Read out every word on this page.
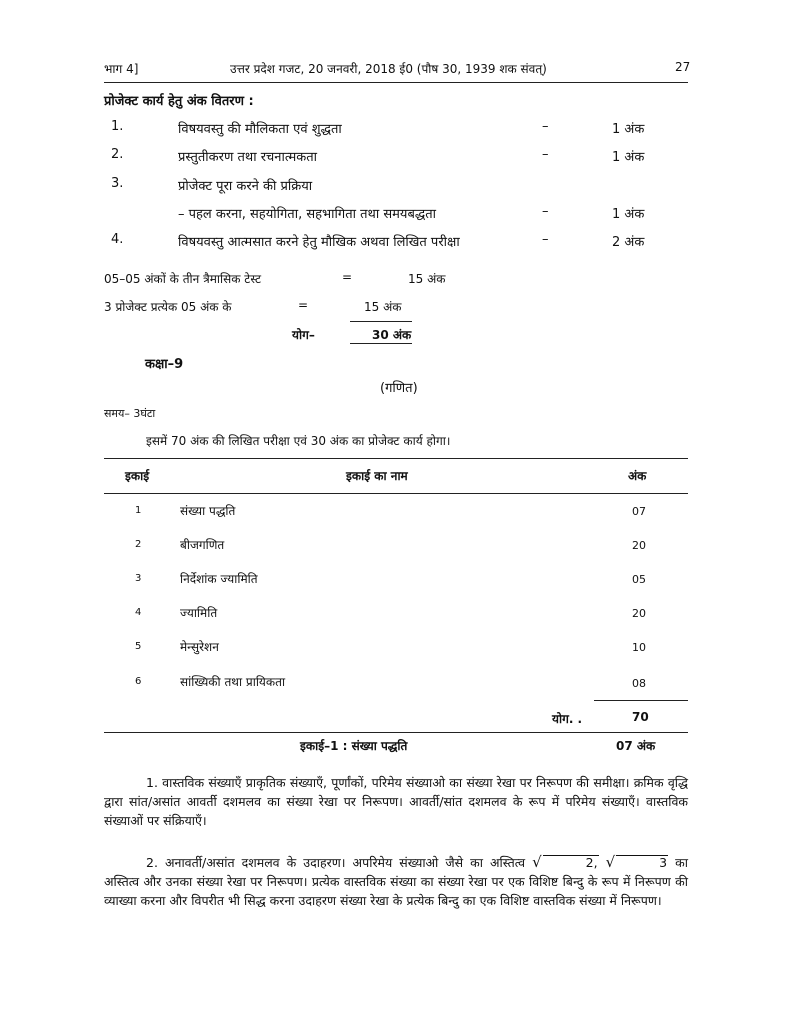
भाग 4]	उत्तर प्रदेश गजट, 20 जनवरी, 2018 ई0 (पौष 30, 1939 शक संवत्)	27
प्रोजेक्ट कार्य हेतु अंक वितरण :
1.	विषयवस्तु की मौलिकता एवं शुद्धता	–	1 अंक
2.	प्रस्तुतीकरण तथा रचनात्मकता	–	1 अंक
3.	प्रोजेक्ट पूरा करने की प्रक्रिया
– पहल करना, सहयोगिता, सहभागिता तथा समयबद्धता	–	1 अंक
4.	विषयवस्तु आत्मसात करने हेतु मौखिक अथवा लिखित परीक्षा	–	2 अंक
05–05 अंकों के तीन त्रैमासिक टेस्ट	=	15 अंक
3 प्रोजेक्ट प्रत्येक 05 अंक के	=	15 अंक
योग–	30 अंक
कक्षा–9
(गणित)
समय– 3घंटा
इसमें 70 अंक की लिखित परीक्षा एवं 30 अंक का प्रोजेक्ट कार्य होगा।
इकाई	इकाई का नाम	अंक
1	संख्या पद्धति	07
2	बीजगणित	20
3	निर्देशांक ज्यामिति	05
4	ज्यामिति	20
5	मेन्सुरेशन	10
6	सांख्यिकी तथा प्रायिकता	08
योग. .	70
इकाई–1 : संख्या पद्धति	07 अंक
1. वास्तविक संख्याएँ प्राकृतिक संख्याएँ, पूर्णांकों, परिमेय संख्याओ का संख्या रेखा पर निरूपण की समीक्षा। क्रमिक वृद्धि द्वारा सांत/असांत आवर्ती दशमलव का संख्या रेखा पर निरूपण। आवर्ती/सांत दशमलव के रूप में परिमेय संख्याएँ। वास्तविक संख्याओं पर संक्रियाएँ।
2. अनावर्ती/असांत दशमलव के उदाहरण। अपरिमेय संख्याओ जैसे का अस्तित्व √	2, √	3 का अस्तित्व और उनका संख्या रेखा पर निरूपण। प्रत्येक वास्तविक संख्या का संख्या रेखा पर एक विशिष्ट बिन्दु के रूप में निरूपण की व्याख्या करना और विपरीत भी सिद्ध करना उदाहरण संख्या रेखा के प्रत्येक बिन्दु का एक विशिष्ट वास्तविक संख्या में निरूपण।
